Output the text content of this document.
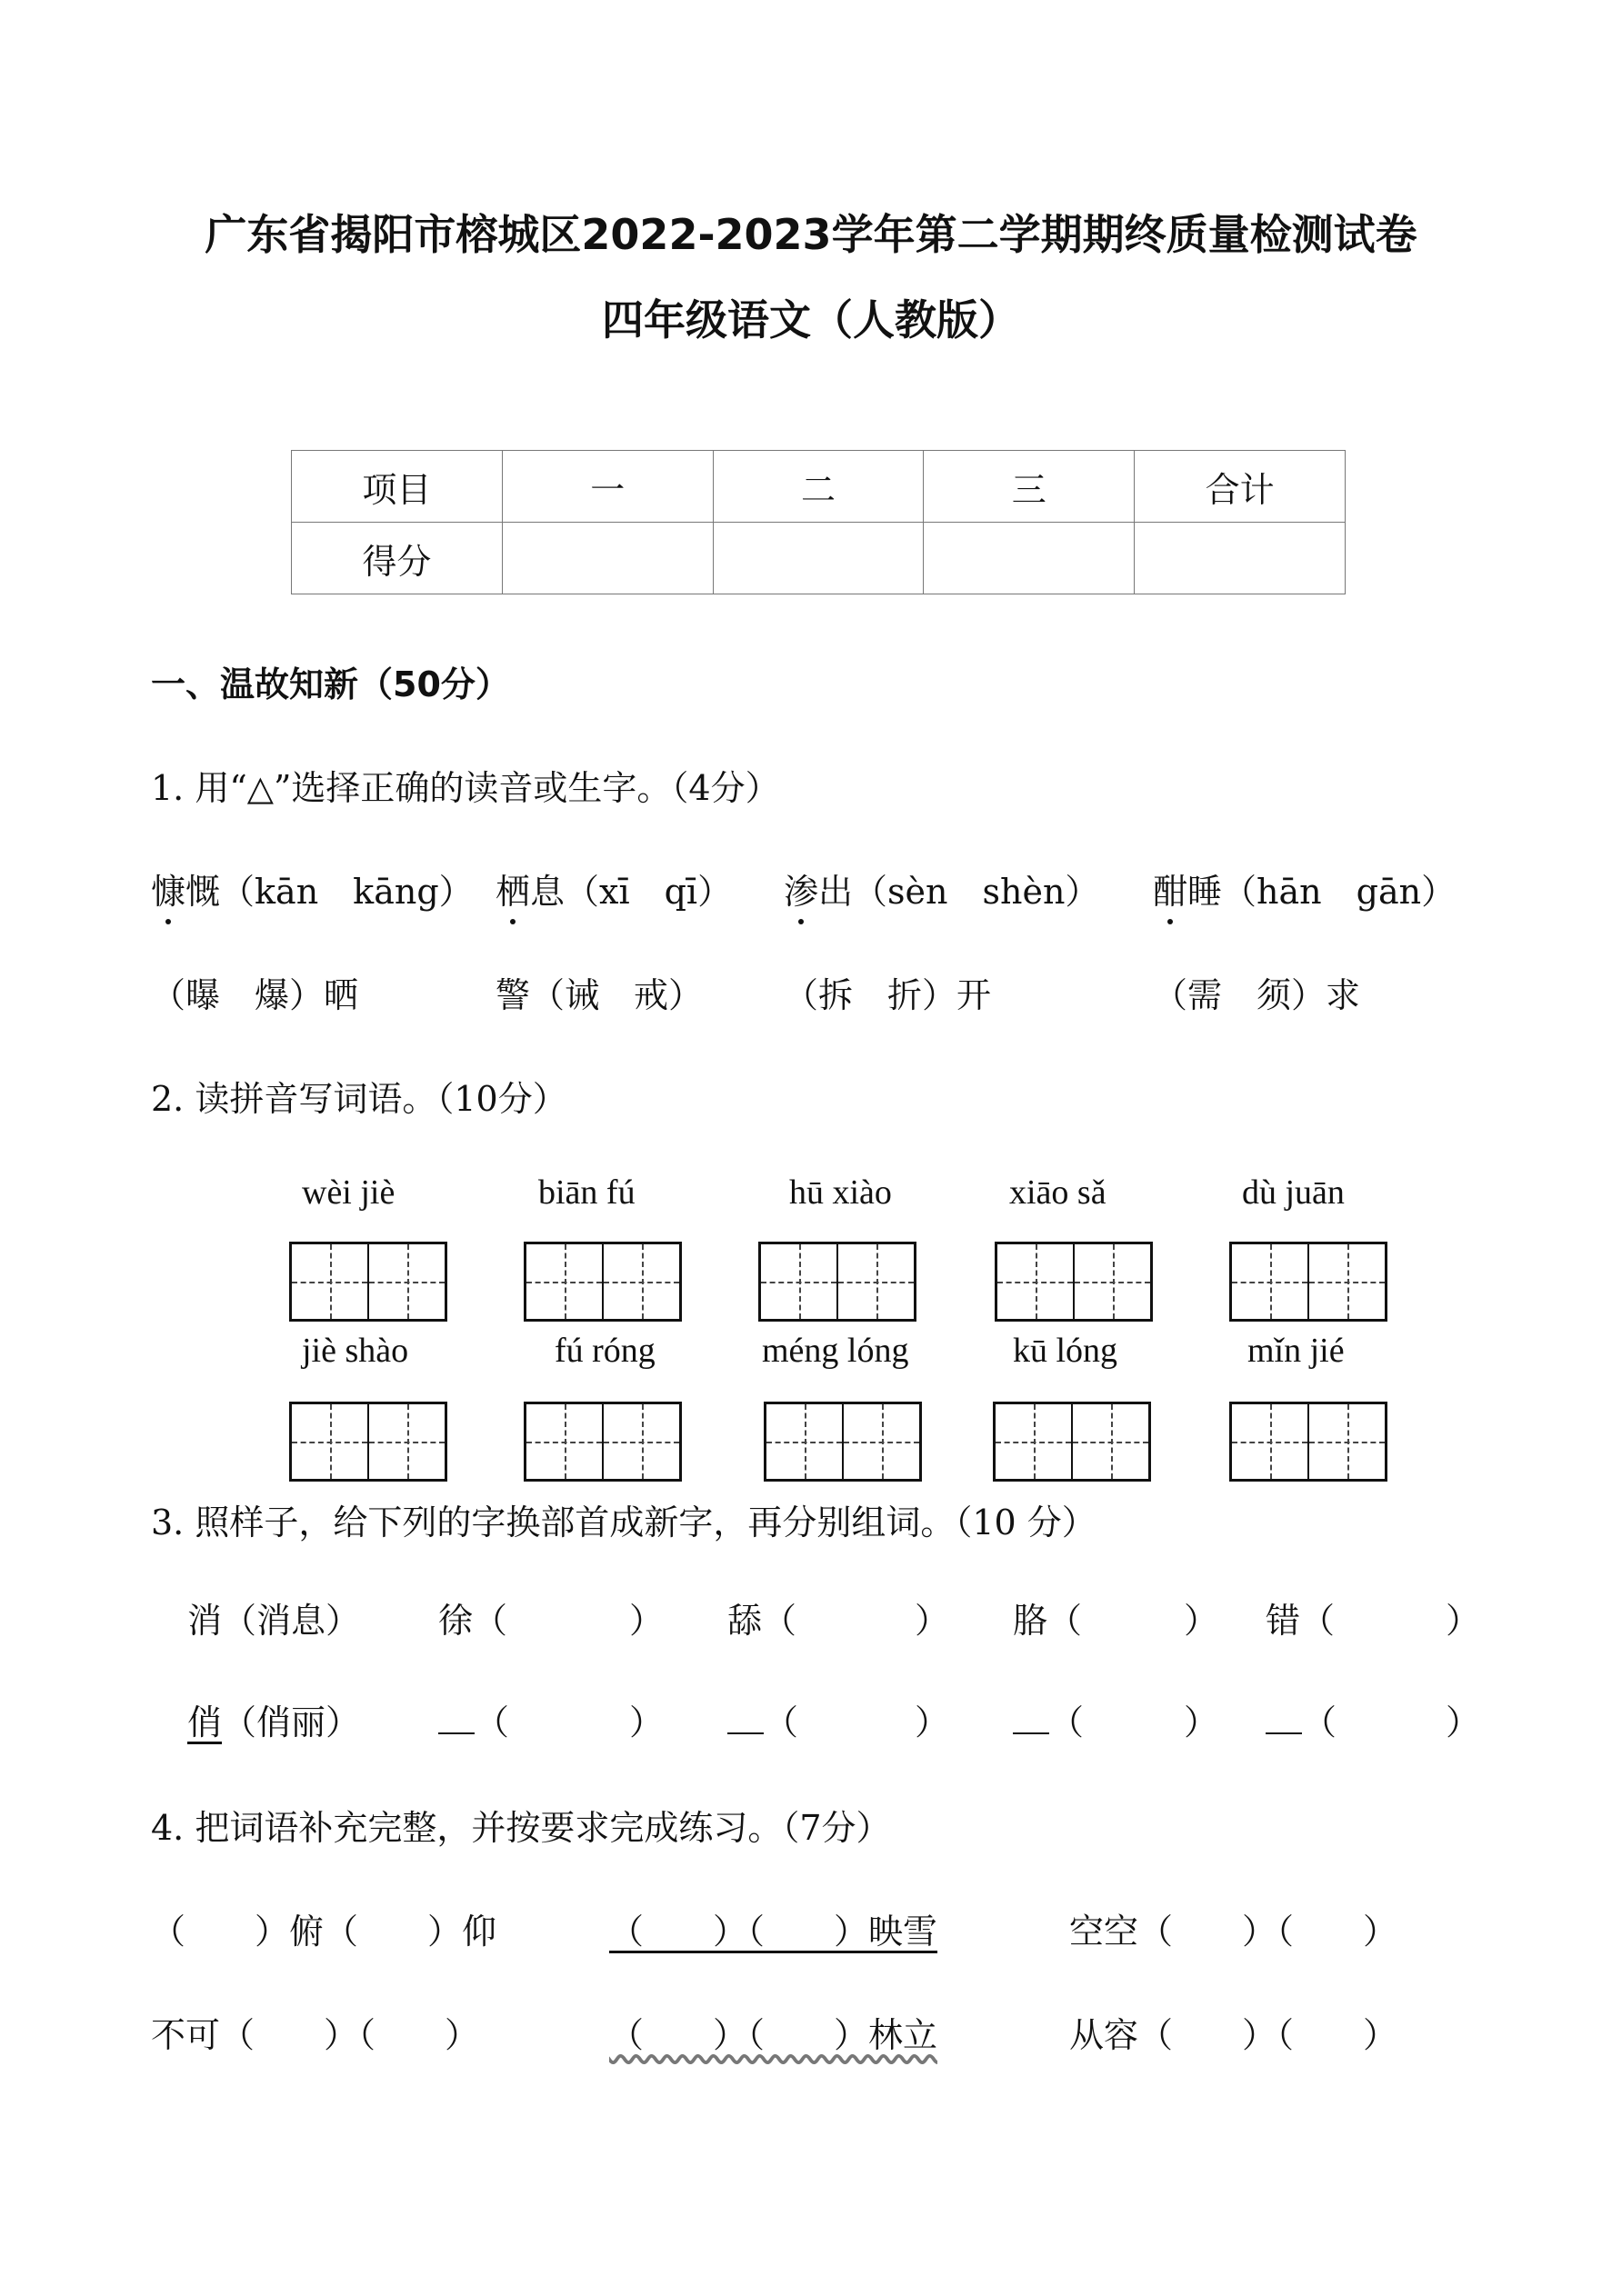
广东省揭阳市榕城区2022-2023学年第二学期期终质量检测试卷
四年级语文（人教版）
项目	一	二	三	合计
得分				
一、温故知新（50分）
1. 用“△”选择正确的读音或生字。（4分）
慷慨（kān　kāng） 栖息（xī　qī） 渗出（sèn　shèn） 酣睡（hān　gān）
（曝　爆）晒	警（诫　戒） （拆　折）开	（需　须）求
2. 读拼音写词语。（10分）
wèi jiè	biān fú	hū xiào	xiāo sǎ	dù juān
jiè shào	fú róng	méng lóng	kū lóng	mǐn jié
3. 照样子，给下列的字换部首成新字，再分别组词。（10 分）
消（消息） 徐（	） 舔（	） 胳（	） 错（	）
俏（俏丽）	（	）	（	）	（	）	（	）
4. 把词语补充完整，并按要求完成练习。（7分）
（　　）俯（　　）仰	（　　）（　　）映雪	空空（　　）（　　）
不可（　　）（　　）	（　　）（　　）林立	从容（　　）（　　）
